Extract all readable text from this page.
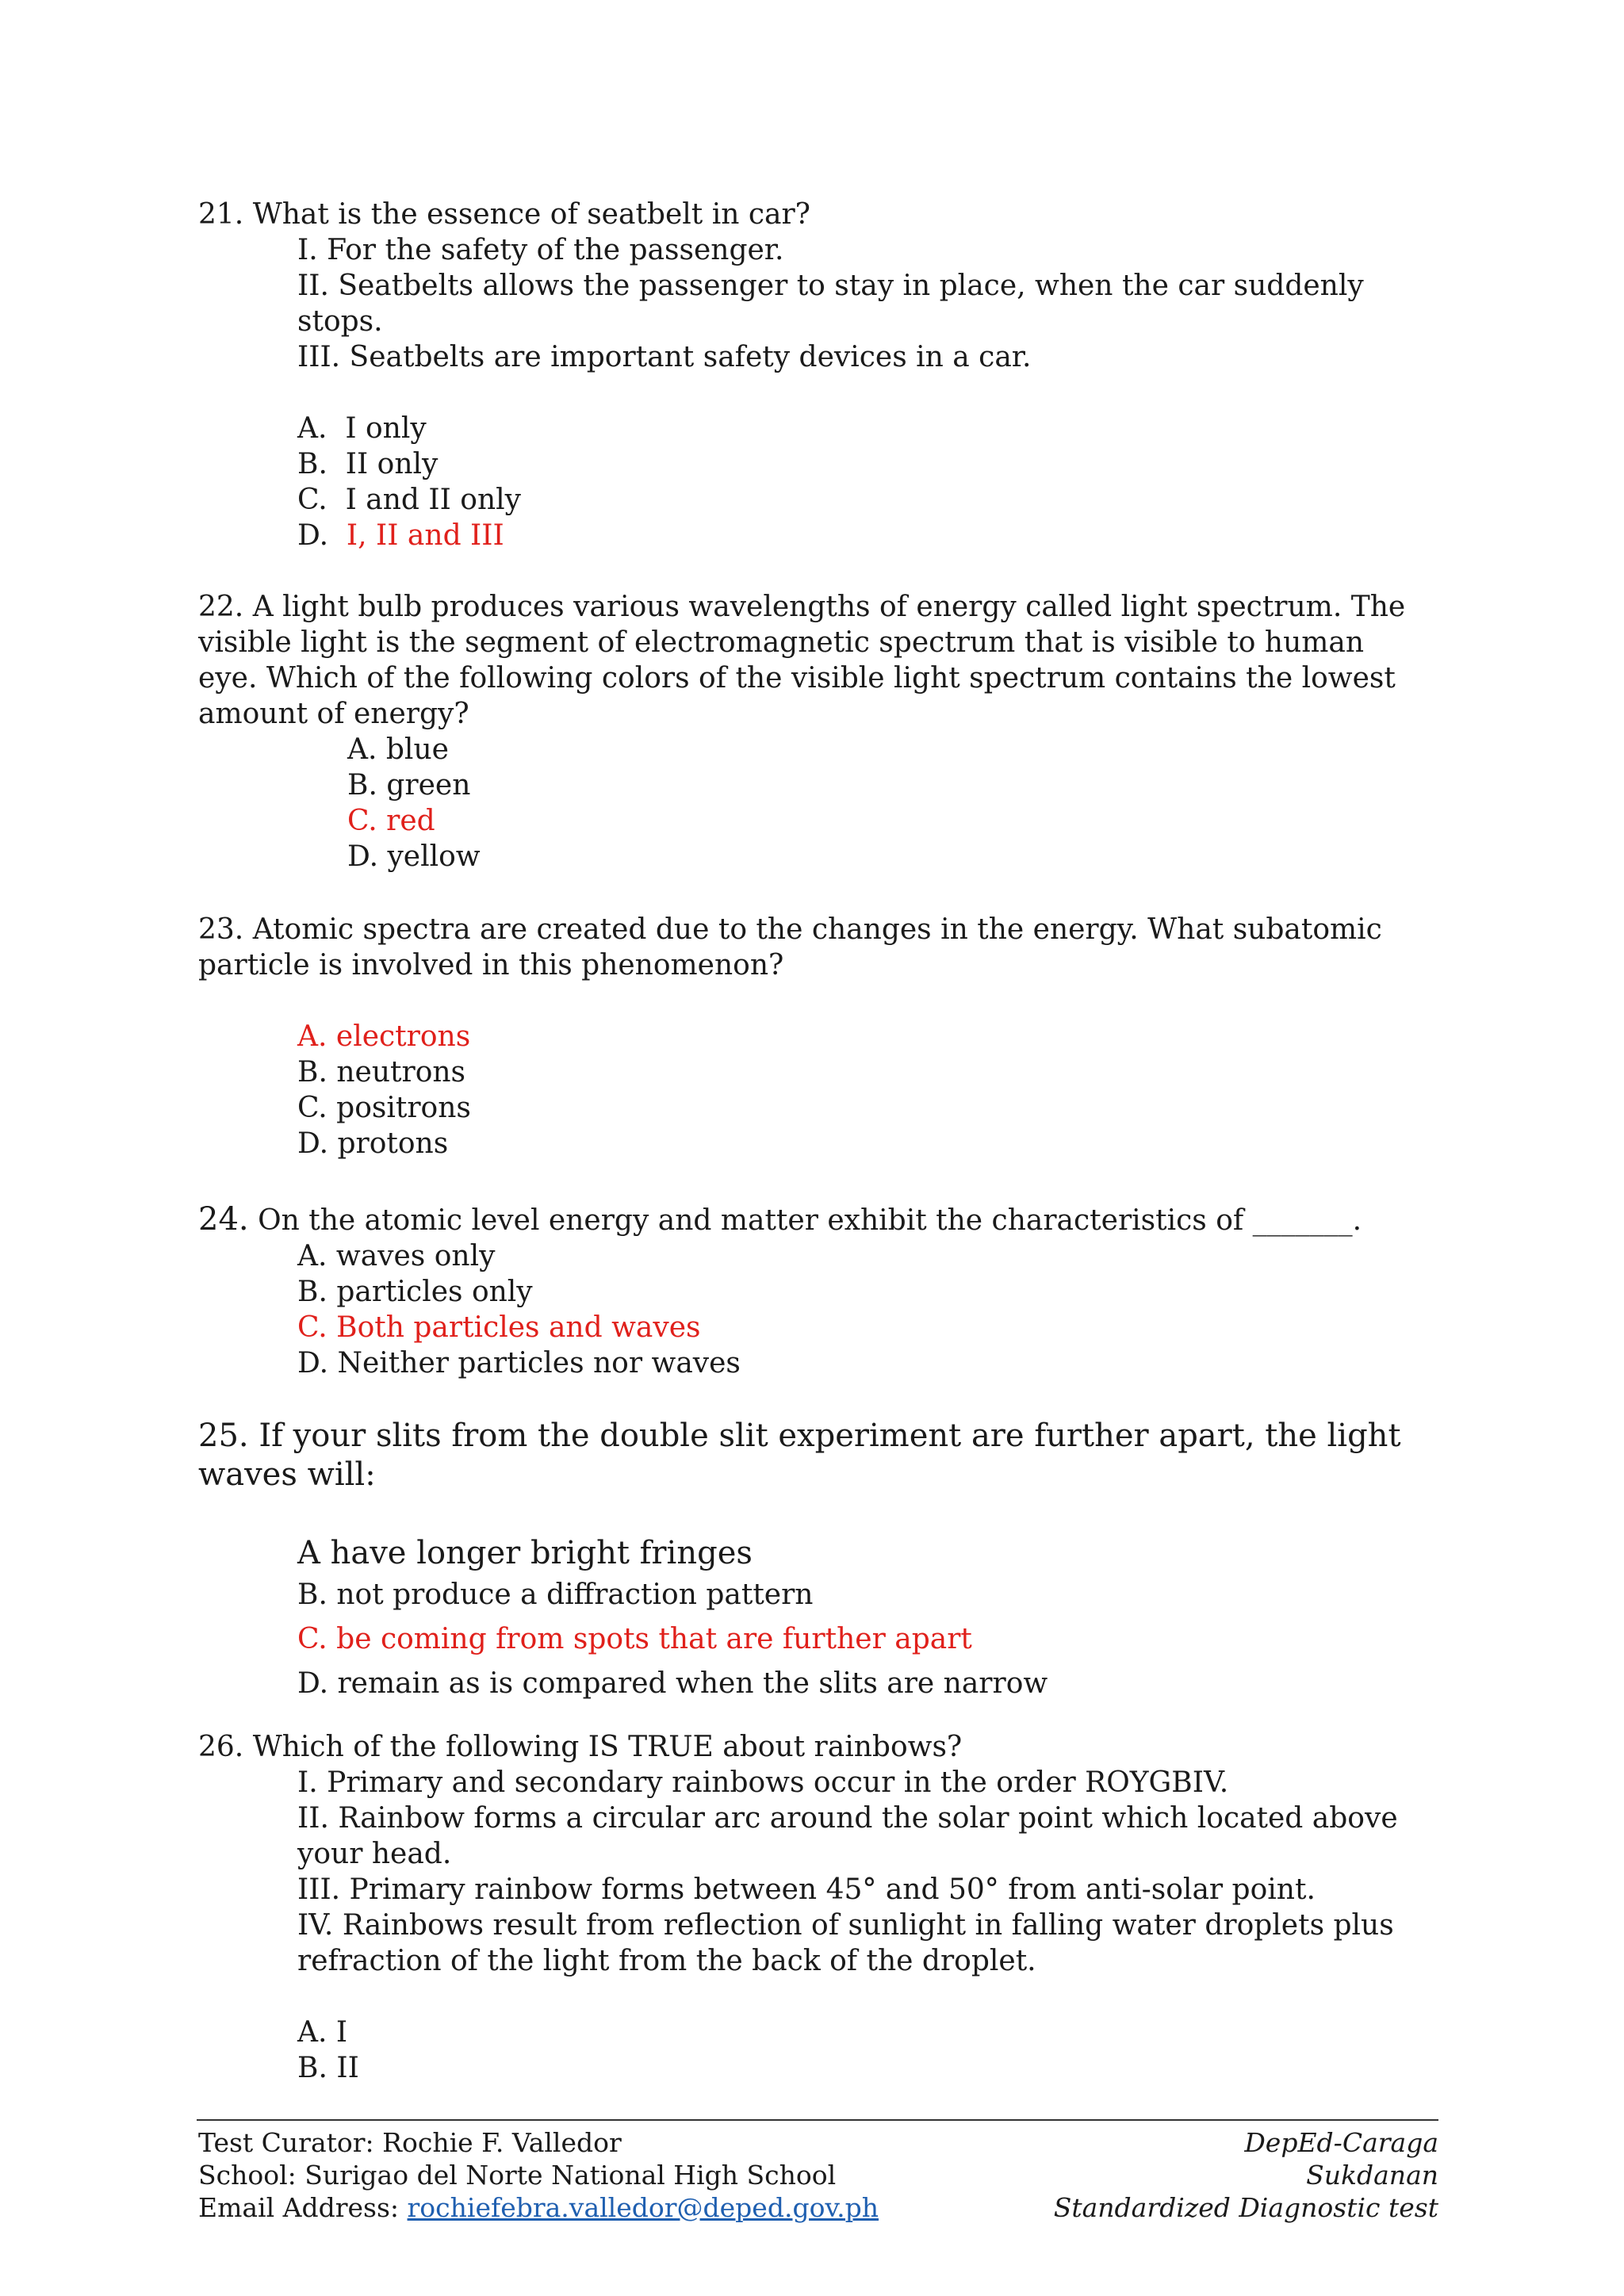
21. What is the essence of seatbelt in car?
I. For the safety of the passenger.
II. Seatbelts allows the passenger to stay in place, when the car suddenly
stops.
III. Seatbelts are important safety devices in a car.
A.  I only
B.  II only
C.  I and II only
D.  I, II and III
22. A light bulb produces various wavelengths of energy called light spectrum. The
visible light is the segment of electromagnetic spectrum that is visible to human
eye. Which of the following colors of the visible light spectrum contains the lowest
amount of energy?
A. blue
B. green
C. red
D. yellow
23. Atomic spectra are created due to the changes in the energy. What subatomic
particle is involved in this phenomenon?
A. electrons
B. neutrons
C. positrons
D. protons
24. On the atomic level energy and matter exhibit the characteristics of _______.
A. waves only
B. particles only
C. Both particles and waves
D. Neither particles nor waves
25. If your slits from the double slit experiment are further apart, the light
waves will:
A have longer bright fringes
B. not produce a diffraction pattern
C. be coming from spots that are further apart
D. remain as is compared when the slits are narrow
26. Which of the following IS TRUE about rainbows?
I. Primary and secondary rainbows occur in the order ROYGBIV.
II. Rainbow forms a circular arc around the solar point which located above
your head.
III. Primary rainbow forms between 45° and 50° from anti-solar point.
IV. Rainbows result from reflection of sunlight in falling water droplets plus
refraction of the light from the back of the droplet.
A. I
B. II
Test Curator: Rochie F. Valledor
School: Surigao del Norte National High School
Email Address: rochiefebra.valledor@deped.gov.ph
DepEd-Caraga
Sukdanan
Standardized Diagnostic test
